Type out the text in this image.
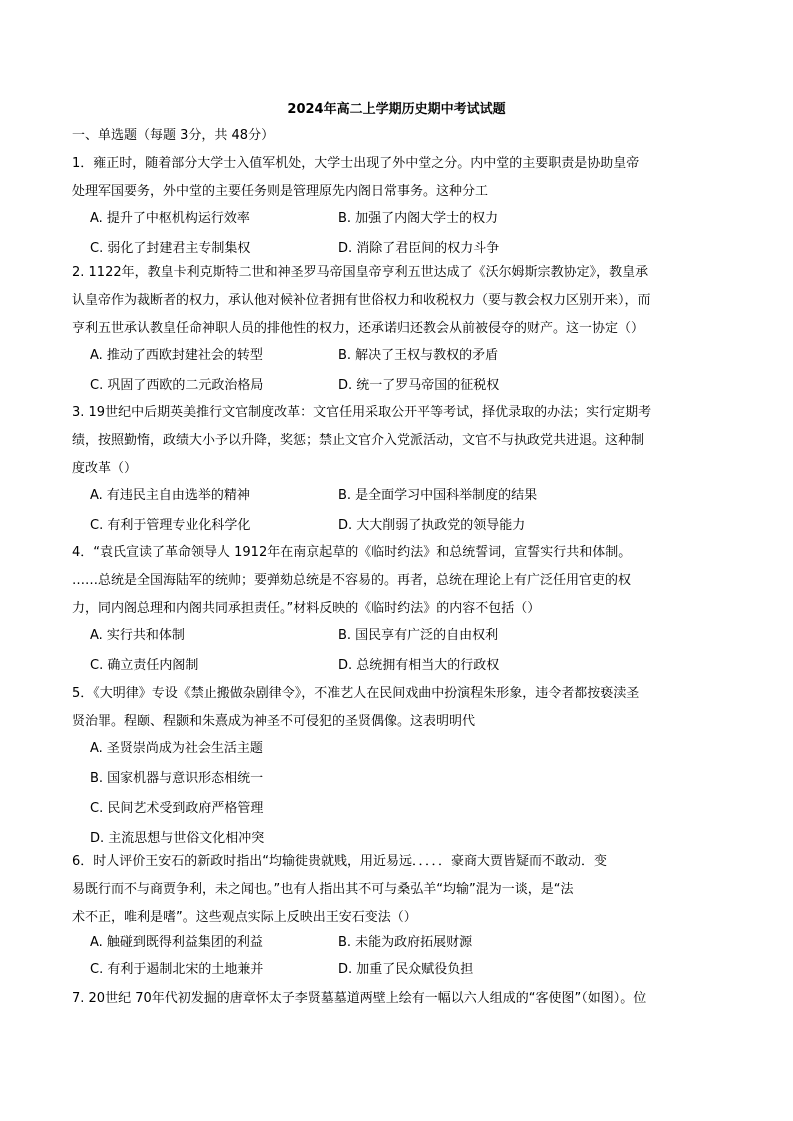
2024年高二上学期历史期中考试试题
一、单选题（每题 3分，共 48分）
1．雍正时，随着部分大学士入值军机处，大学士出现了外中堂之分。内中堂的主要职责是协助皇帝
处理军国要务，外中堂的主要任务则是管理原先内阁日常事务。这种分工
A. 提升了中枢机构运行效率	B. 加强了内阁大学士的权力
C. 弱化了封建君主专制集权	D. 消除了君臣间的权力斗争
2. 1122年，教皇卡利克斯特二世和神圣罗马帝国皇帝亨利五世达成了《沃尔姆斯宗教协定》，教皇承
认皇帝作为裁断者的权力，承认他对候补位者拥有世俗权力和收税权力（要与教会权力区别开来），而
亨利五世承认教皇任命神职人员的排他性的权力，还承诺归还教会从前被侵夺的财产。这一协定（）
A. 推动了西欧封建社会的转型	B. 解决了王权与教权的矛盾
C. 巩固了西欧的二元政治格局	D. 统一了罗马帝国的征税权
3. 19世纪中后期英美推行文官制度改革：文官任用采取公开平等考试，择优录取的办法；实行定期考
绩，按照勤惰，政绩大小予以升降，奖惩；禁止文官介入党派活动，文官不与执政党共进退。这种制
度改革（）
A. 有违民主自由选举的精神	B. 是全面学习中国科举制度的结果
C. 有利于管理专业化科学化	D. 大大削弱了执政党的领导能力
4．“袁氏宣读了革命领导人 1912年在南京起草的《临时约法》和总统誓词，宣誓实行共和体制。
……总统是全国海陆军的统帅；要弹劾总统是不容易的。再者，总统在理论上有广泛任用官吏的权
力，同内阁总理和内阁共同承担责任。”材料反映的《临时约法》的内容不包括（）
A. 实行共和体制	B. 国民享有广泛的自由权利
C. 确立责任内阁制	D. 总统拥有相当大的行政权
5．《大明律》专设《禁止搬做杂剧律令》，不准艺人在民间戏曲中扮演程朱形象，违令者都按亵渎圣
贤治罪。程颐、程颢和朱熹成为神圣不可侵犯的圣贤偶像。这表明明代
A. 圣贤崇尚成为社会生活主题
B. 国家机器与意识形态相统一
C. 民间艺术受到政府严格管理
D. 主流思想与世俗文化相冲突
6．时人评价王安石的新政时指出“均输徙贵就贱，用近易远．．．．．豪商大贾皆疑而不敢动．变
易既行而不与商贾争利，未之闻也。”也有人指出其不可与桑弘羊“均输”混为一谈，是“法
术不正，唯利是嗜”。这些观点实际上反映出王安石变法（）
A. 触碰到既得利益集团的利益	B. 未能为政府拓展财源
C. 有利于遏制北宋的土地兼并	D. 加重了民众赋役负担
7. 20世纪 70年代初发掘的唐章怀太子李贤墓墓道两壁上绘有一幅以六人组成的“客使图”（如图）。位
